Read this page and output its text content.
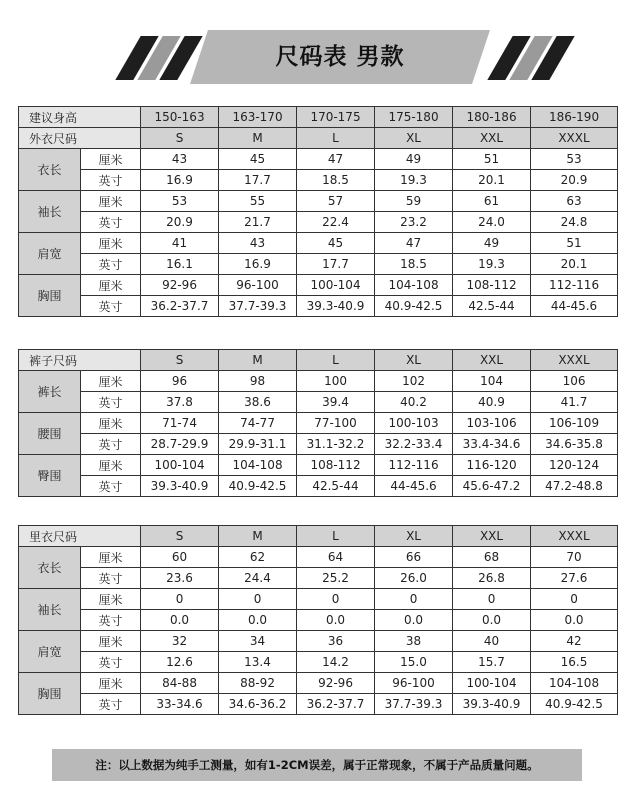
尺码表 男款
建议身高		150-163	163-170	170-175	175-180	180-186	186-190
外衣尺码		S	M	L	XL	XXL	XXXL
衣长	厘米	43	45	47	49	51	53
	英寸	16.9	17.7	18.5	19.3	20.1	20.9
袖长	厘米	53	55	57	59	61	63
	英寸	20.9	21.7	22.4	23.2	24.0	24.8
肩宽	厘米	41	43	45	47	49	51
	英寸	16.1	16.9	17.7	18.5	19.3	20.1
胸围	厘米	92-96	96-100	100-104	104-108	108-112	112-116
	英寸	36.2-37.7	37.7-39.3	39.3-40.9	40.9-42.5	42.5-44	44-45.6
裤子尺码		S	M	L	XL	XXL	XXXL
裤长	厘米	96	98	100	102	104	106
	英寸	37.8	38.6	39.4	40.2	40.9	41.7
腰围	厘米	71-74	74-77	77-100	100-103	103-106	106-109
	英寸	28.7-29.9	29.9-31.1	31.1-32.2	32.2-33.4	33.4-34.6	34.6-35.8
臀围	厘米	100-104	104-108	108-112	112-116	116-120	120-124
	英寸	39.3-40.9	40.9-42.5	42.5-44	44-45.6	45.6-47.2	47.2-48.8
里衣尺码		S	M	L	XL	XXL	XXXL
衣长	厘米	60	62	64	66	68	70
	英寸	23.6	24.4	25.2	26.0	26.8	27.6
袖长	厘米	0	0	0	0	0	0
	英寸	0.0	0.0	0.0	0.0	0.0	0.0
肩宽	厘米	32	34	36	38	40	42
	英寸	12.6	13.4	14.2	15.0	15.7	16.5
胸围	厘米	84-88	88-92	92-96	96-100	100-104	104-108
	英寸	33-34.6	34.6-36.2	36.2-37.7	37.7-39.3	39.3-40.9	40.9-42.5
注：以上数据为纯手工测量，如有1-2CM误差，属于正常现象，不属于产品质量问题。
